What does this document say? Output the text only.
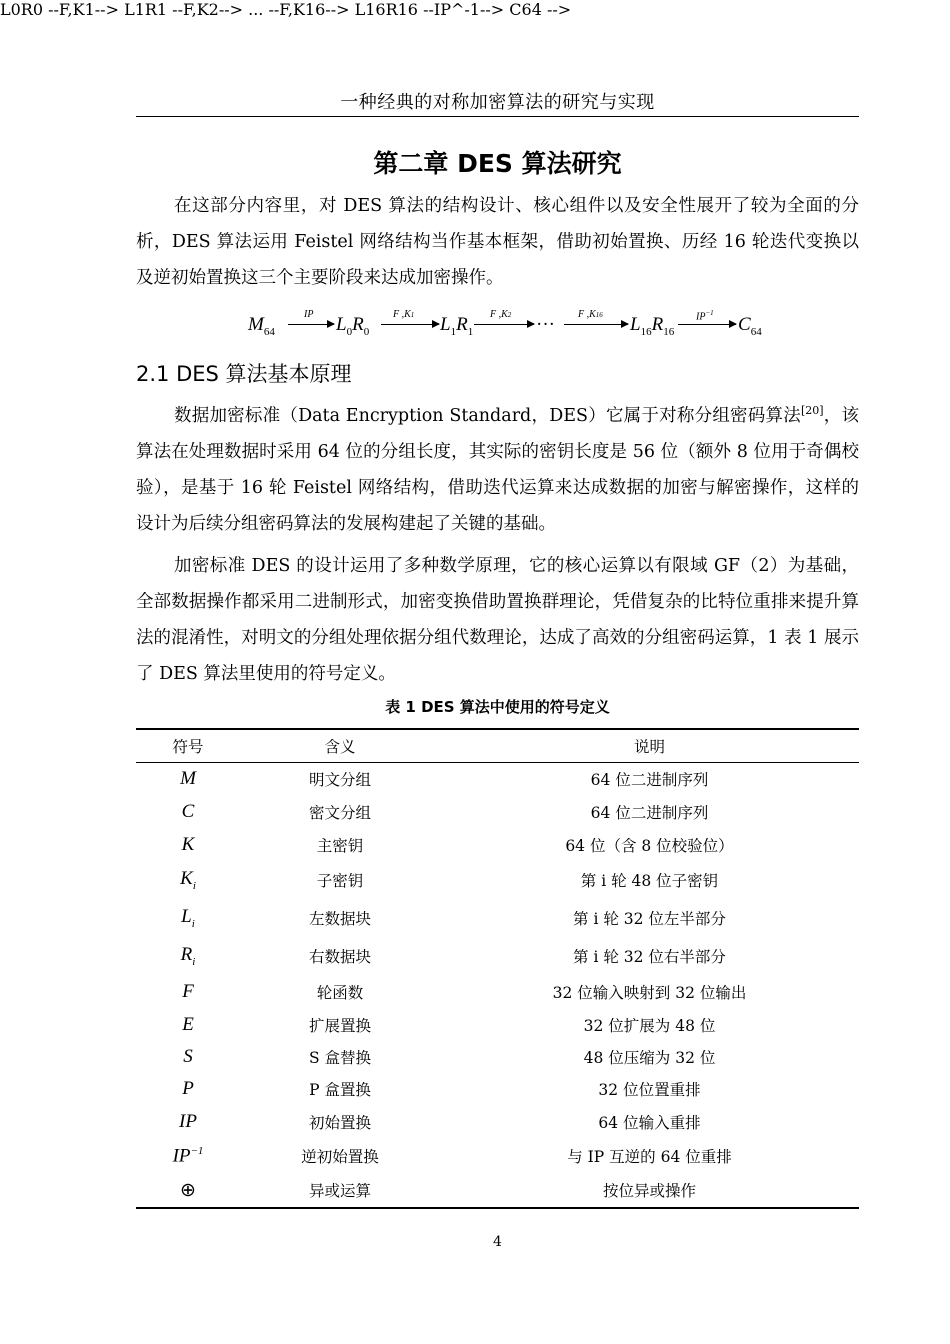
一种经典的对称加密算法的研究与实现
第二章 DES 算法研究

在这部分内容里，对 DES 算法的结构设计、核心组件以及安全性展开了较为全面的分析，DES 算法运用 Feistel 网络结构当作基本框架，借助初始置换、历经 16 轮迭代变换以及逆初始置换这三个主要阶段来达成加密操作。

L0R0 --F,K1--> L1R1 --F,K2--> ... --F,K16--> L16R16 --IP^-1--> C64 -->
$M_{64}$
IP $L_0R_0$
F ,K1 $L_1R_1$
F ,K2 ··· F ,K16 $L_{16}R_{16}$
$IP^{-1}$
$C_{64}$
2.1 DES 算法基本原理

数据加密标准（Data Encryption Standard，DES）它属于对称分组密码算法[20]，该算法在处理数据时采用 64 位的分组长度，其实际的密钥长度是 56 位（额外 8 位用于奇偶校验），是基于 16 轮 Feistel 网络结构，借助迭代运算来达成数据的加密与解密操作，这样的设计为后续分组密码算法的发展构建起了关键的基础。

加密标准 DES 的设计运用了多种数学原理，它的核心运算以有限域 GF（2）为基础，全部数据操作都采用二进制形式，加密变换借助置换群理论，凭借复杂的比特位重排来提升算法的混淆性，对明文的分组处理依据分组代数理论，达成了高效的分组密码运算，1 表 1 展示了 DES 算法里使用的符号定义。

表 1 DES 算法中使用的符号定义
符号	含义	说明
M	明文分组	64 位二进制序列
C	密文分组	64 位二进制序列
K	主密钥	64 位（含 8 位校验位）
$K_i$	子密钥	第 i 轮 48 位子密钥
$L_i$	左数据块	第 i 轮 32 位左半部分
$R_i$	右数据块	第 i 轮 32 位右半部分
F	轮函数	32 位输入映射到 32 位输出
E	扩展置换	32 位扩展为 48 位
S	S 盒替换	48 位压缩为 32 位
P	P 盒置换	32 位位置重排
IP	初始置换	64 位输入重排
$IP^{-1}$	逆初始置换	与 IP 互逆的 64 位重排
⊕	异或运算	按位异或操作
4
